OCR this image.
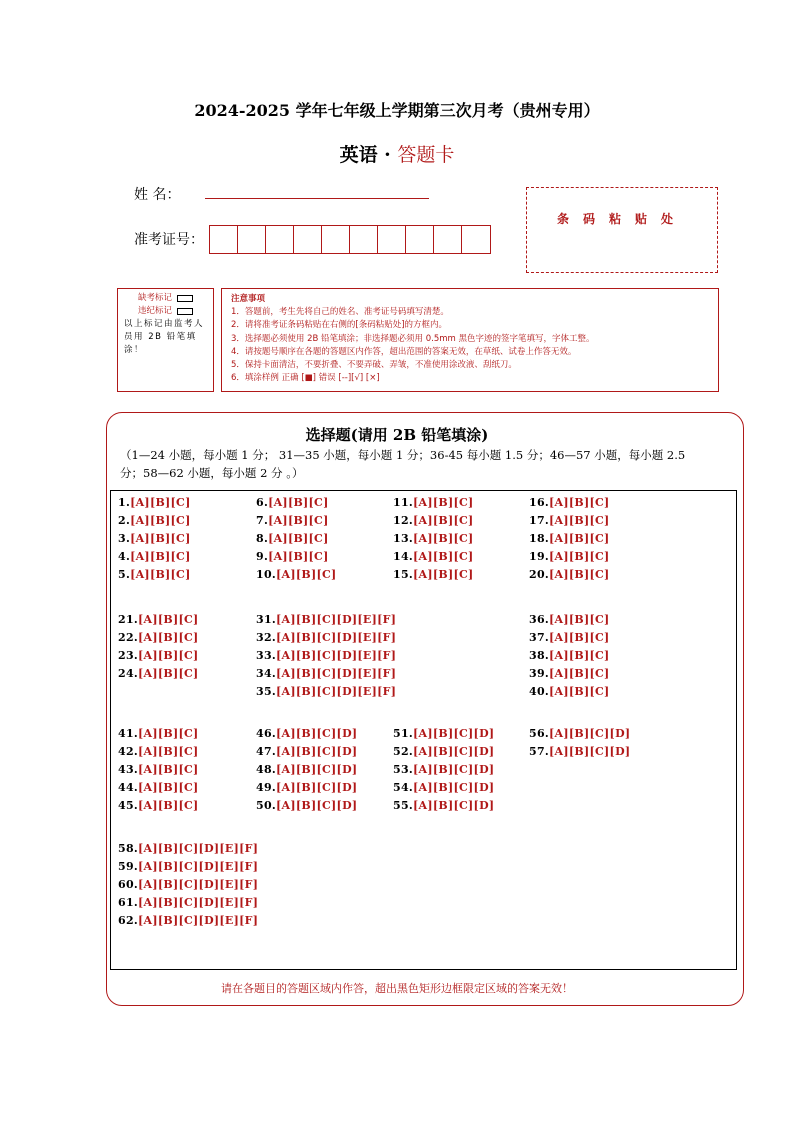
2024-2025 学年七年级上学期第三次月考（贵州专用）
英语 · 答题卡
姓 名：
准考证号：
条码粘贴处
缺考标记
违纪标记
以上标记由监考人员用 2B 铅笔填涂！
注意事项
1．答题前，考生先将自己的姓名、准考证号码填写清楚。
2．请将准考证条码粘贴在右侧的[条码粘贴处]的方框内。
3．选择题必须使用 2B 铅笔填涂；非选择题必须用 0.5mm 黑色字迹的签字笔填写，字体工整。
4．请按题号顺序在各题的答题区内作答，超出范围的答案无效，在草纸、试卷上作答无效。
5．保持卡面清洁，不要折叠、不要弄破、弄皱，不准使用涂改液、刮纸刀。
6．填涂样例 正确 [■] 错误 [--][√] [×]
选择题(请用 2B 铅笔填涂)
（1—24 小题，每小题 1 分； 31—35 小题，每小题 1 分；36-45 每小题 1.5 分；46—57 小题，每小题 2.5 分；58—62 小题，每小题 2 分 。）
请在各题目的答题区域内作答，超出黑色矩形边框限定区域的答案无效！
1.[A][B][C]
2.[A][B][C]
3.[A][B][C]
4.[A][B][C]
5.[A][B][C]
6.[A][B][C]
7.[A][B][C]
8.[A][B][C]
9.[A][B][C]
10.[A][B][C]
11.[A][B][C]
12.[A][B][C]
13.[A][B][C]
14.[A][B][C]
15.[A][B][C]
16.[A][B][C]
17.[A][B][C]
18.[A][B][C]
19.[A][B][C]
20.[A][B][C]
21.[A][B][C]
22.[A][B][C]
23.[A][B][C]
24.[A][B][C]
31.[A][B][C][D][E][F]
32.[A][B][C][D][E][F]
33.[A][B][C][D][E][F]
34.[A][B][C][D][E][F]
35.[A][B][C][D][E][F]
36.[A][B][C]
37.[A][B][C]
38.[A][B][C]
39.[A][B][C]
40.[A][B][C]
41.[A][B][C]
42.[A][B][C]
43.[A][B][C]
44.[A][B][C]
45.[A][B][C]
46.[A][B][C][D]
47.[A][B][C][D]
48.[A][B][C][D]
49.[A][B][C][D]
50.[A][B][C][D]
51.[A][B][C][D]
52.[A][B][C][D]
53.[A][B][C][D]
54.[A][B][C][D]
55.[A][B][C][D]
56.[A][B][C][D]
57.[A][B][C][D]
58.[A][B][C][D][E][F]
59.[A][B][C][D][E][F]
60.[A][B][C][D][E][F]
61.[A][B][C][D][E][F]
62.[A][B][C][D][E][F]
